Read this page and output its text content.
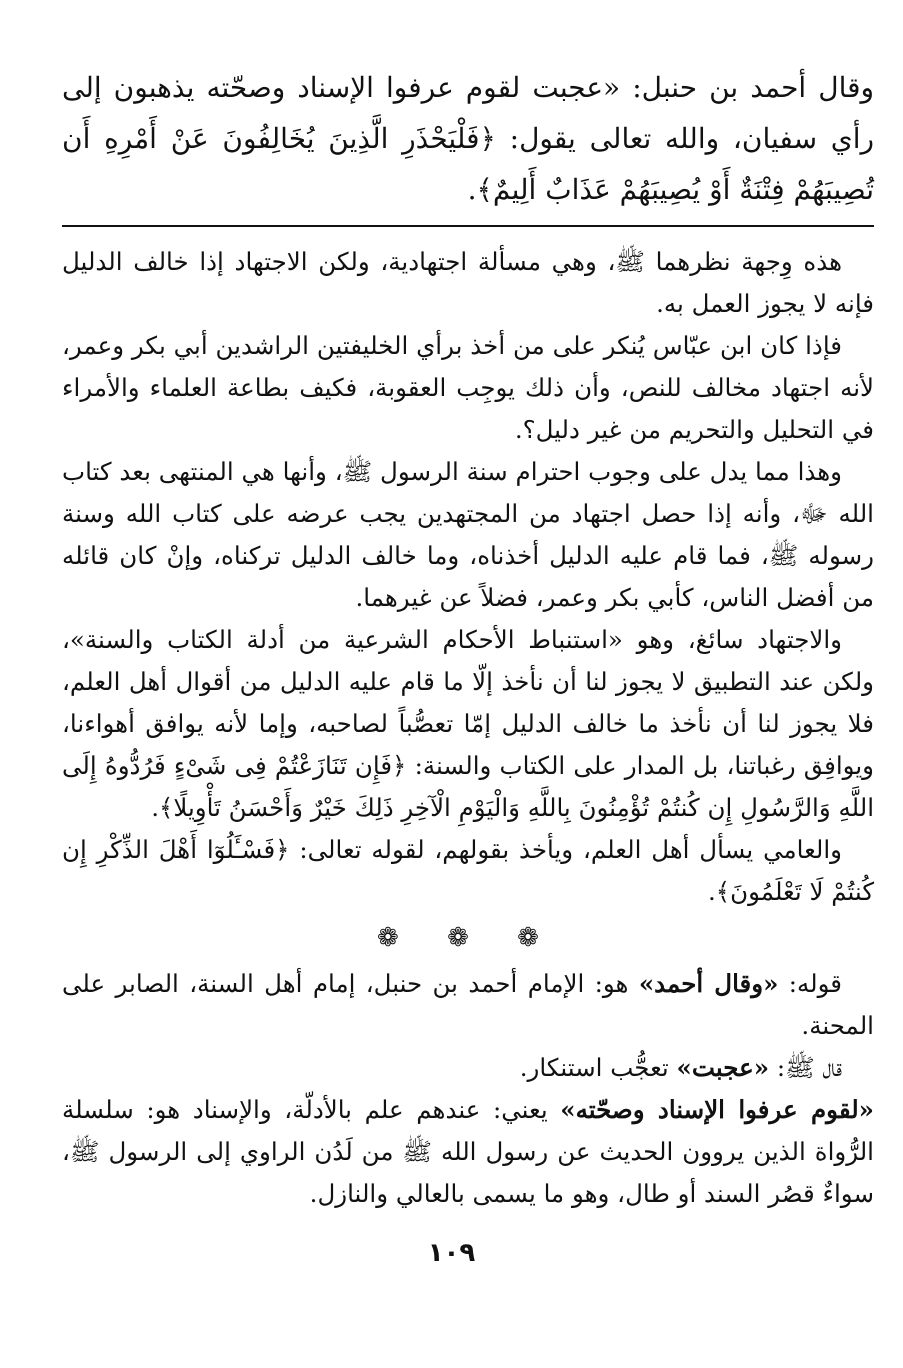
وقال أحمد بن حنبل: «عجبت لقوم عرفوا الإسناد وصحّته يذهبون إلى رأي سفيان، والله تعالى يقول: ﴿فَلْيَحْذَرِ الَّذِينَ يُخَالِفُونَ عَنْ أَمْرِهِ أَن تُصِيبَهُمْ فِتْنَةٌ أَوْ يُصِيبَهُمْ عَذَابٌ أَلِيمٌ﴾.

هذه وِجهة نظرهما ﷺ، وهي مسألة اجتهادية، ولكن الاجتهاد إذا خالف الدليل فإنه لا يجوز العمل به.

فإذا كان ابن عبّاس يُنكر على من أخذ برأي الخليفتين الراشدين أبي بكر وعمر، لأنه اجتهاد مخالف للنص، وأن ذلك يوجِب العقوبة، فكيف بطاعة العلماء والأمراء في التحليل والتحريم من غير دليل؟.

وهذا مما يدل على وجوب احترام سنة الرسول ﷺ، وأنها هي المنتهى بعد كتاب الله ﷻ، وأنه إذا حصل اجتهاد من المجتهدين يجب عرضه على كتاب الله وسنة رسوله ﷺ، فما قام عليه الدليل أخذناه، وما خالف الدليل تركناه، وإنْ كان قائله من أفضل الناس، كأبي بكر وعمر، فضلاً عن غيرهما.

والاجتهاد سائغ، وهو «استنباط الأحكام الشرعية من أدلة الكتاب والسنة»، ولكن عند التطبيق لا يجوز لنا أن نأخذ إلّا ما قام عليه الدليل من أقوال أهل العلم، فلا يجوز لنا أن نأخذ ما خالف الدليل إمّا تعصُّباً لصاحبه، وإما لأنه يوافق أهواءنا، ويوافِق رغباتنا، بل المدار على الكتاب والسنة: ﴿فَإِن تَنَازَعْتُمْ فِى شَىْءٍ فَرُدُّوهُ إِلَى اللَّهِ وَالرَّسُولِ إِن كُنتُمْ تُؤْمِنُونَ بِاللَّهِ وَالْيَوْمِ الْآخِرِ ذَلِكَ خَيْرٌ وَأَحْسَنُ تَأْوِيلًا﴾.

والعامي يسأل أهل العلم، ويأخذ بقولهم، لقوله تعالى: ﴿فَسْـَٔلُوٓا أَهْلَ الذِّكْرِ إِن كُنتُمْ لَا تَعْلَمُونَ﴾.

❁ ❁ ❁

قوله: «وقال أحمد» هو: الإمام أحمد بن حنبل، إمام أهل السنة، الصابر على المحنة.

قال ﷺ: «عجبت» تعجُّب استنكار.

«لقوم عرفوا الإسناد وصحّته» يعني: عندهم علم بالأدلّة، والإسناد هو: سلسلة الرُّواة الذين يروون الحديث عن رسول الله ﷺ من لَدُن الراوي إلى الرسول ﷺ، سواءٌ قصُر السند أو طال، وهو ما يسمى بالعالي والنازل.

١٠٩
